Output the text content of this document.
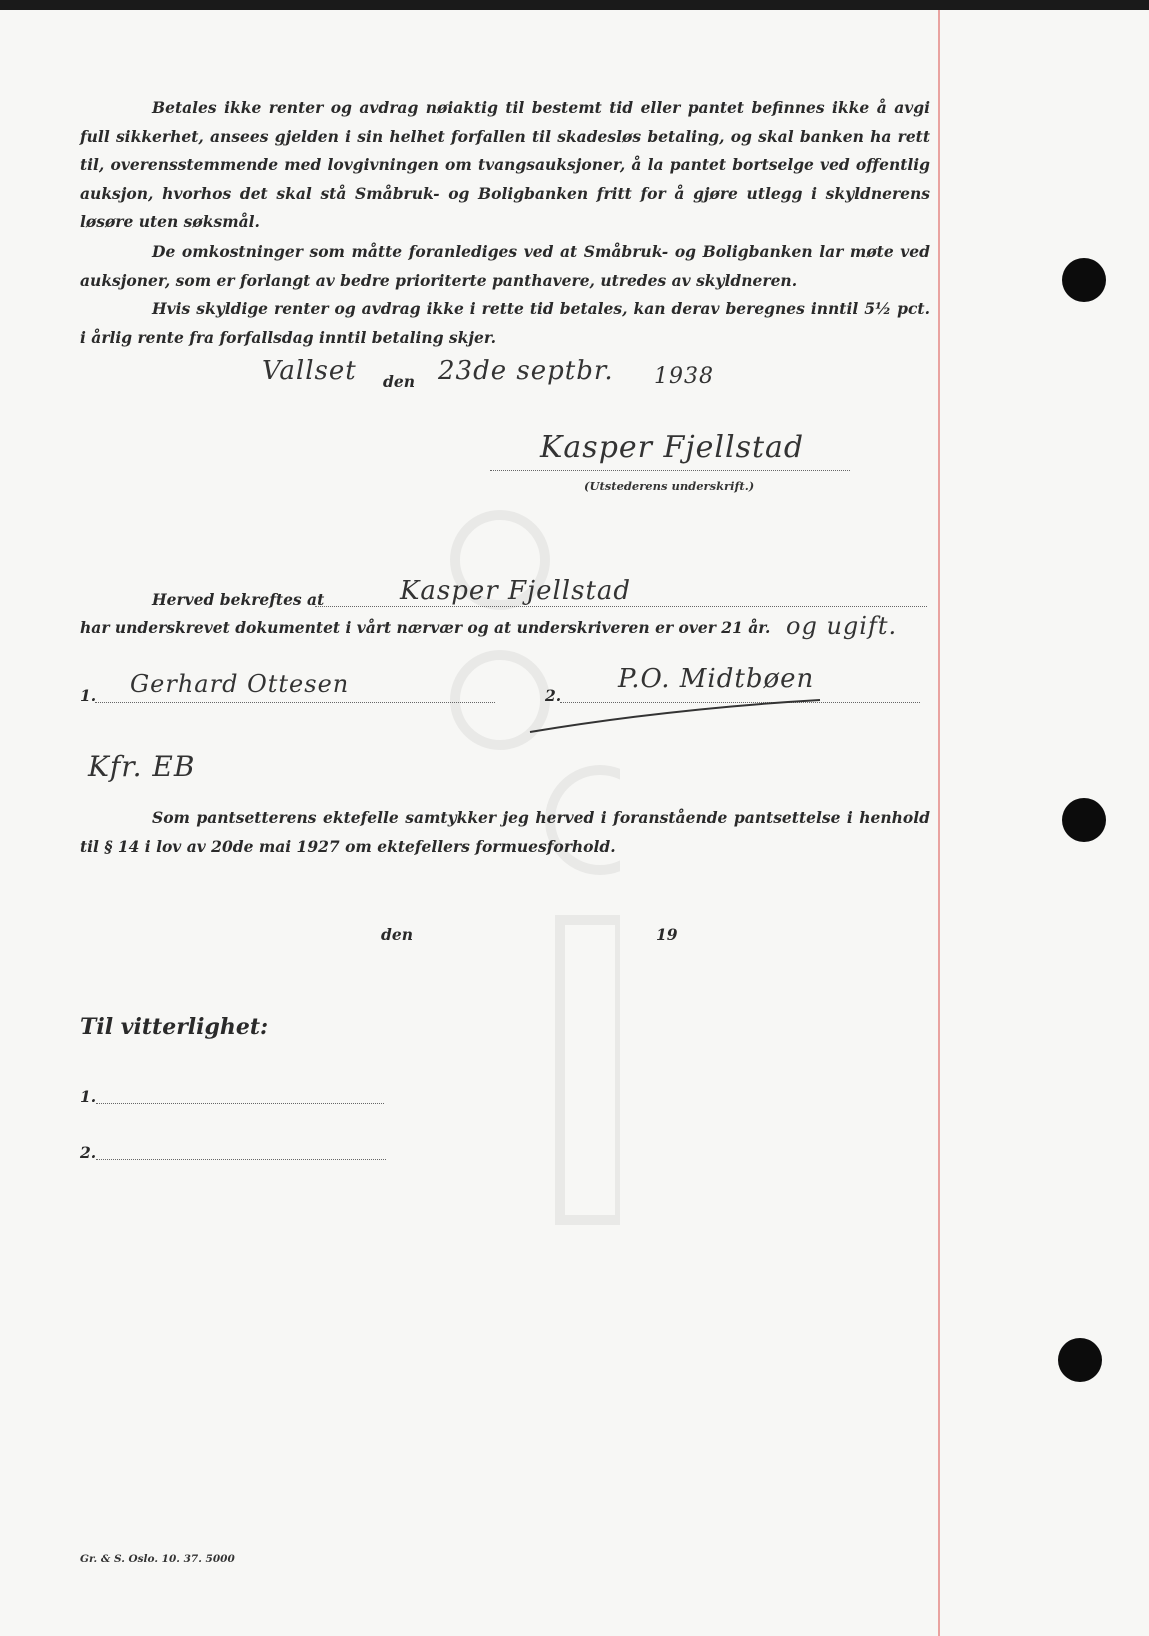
Betales ikke renter og avdrag nøiaktig til bestemt tid eller pantet befinnes ikke å avgi full sikkerhet, ansees gjelden i sin helhet forfallen til skadesløs betaling, og skal banken ha rett til, overensstemmende med lovgivningen om tvangsauksjoner, å la pantet bortselge ved offentlig auksjon, hvorhos det skal stå Småbruk- og Boligbanken fritt for å gjøre utlegg i skyldnerens løsøre uten søksmål.
De omkostninger som måtte foranlediges ved at Småbruk- og Boligbanken lar møte ved auksjoner, som er forlangt av bedre prioriterte panthavere, utredes av skyldneren.
Hvis skyldige renter og avdrag ikke i rette tid betales, kan derav beregnes inntil 5½ pct. i årlig rente fra forfallsdag inntil betaling skjer.
Vallset den 23de septbr. 1938
Kasper Fjellstad
(Utstederens underskrift.)
Herved bekreftes at	Kasper Fjellstad
har underskrevet dokumentet i vårt nærvær og at underskriveren er over 21 år. og ugift.
1. Gerhard Ottesen	2.
P.O. Midtbøen
Kfr. EB
Som pantsetterens ektefelle samtykker jeg herved i foranstående pantsettelse i henhold til § 14 i lov av 20de mai 1927 om ektefellers formuesforhold.
den	19
Til vitterlighet:
1.
2.
Gr. & S. Oslo. 10. 37. 5000
